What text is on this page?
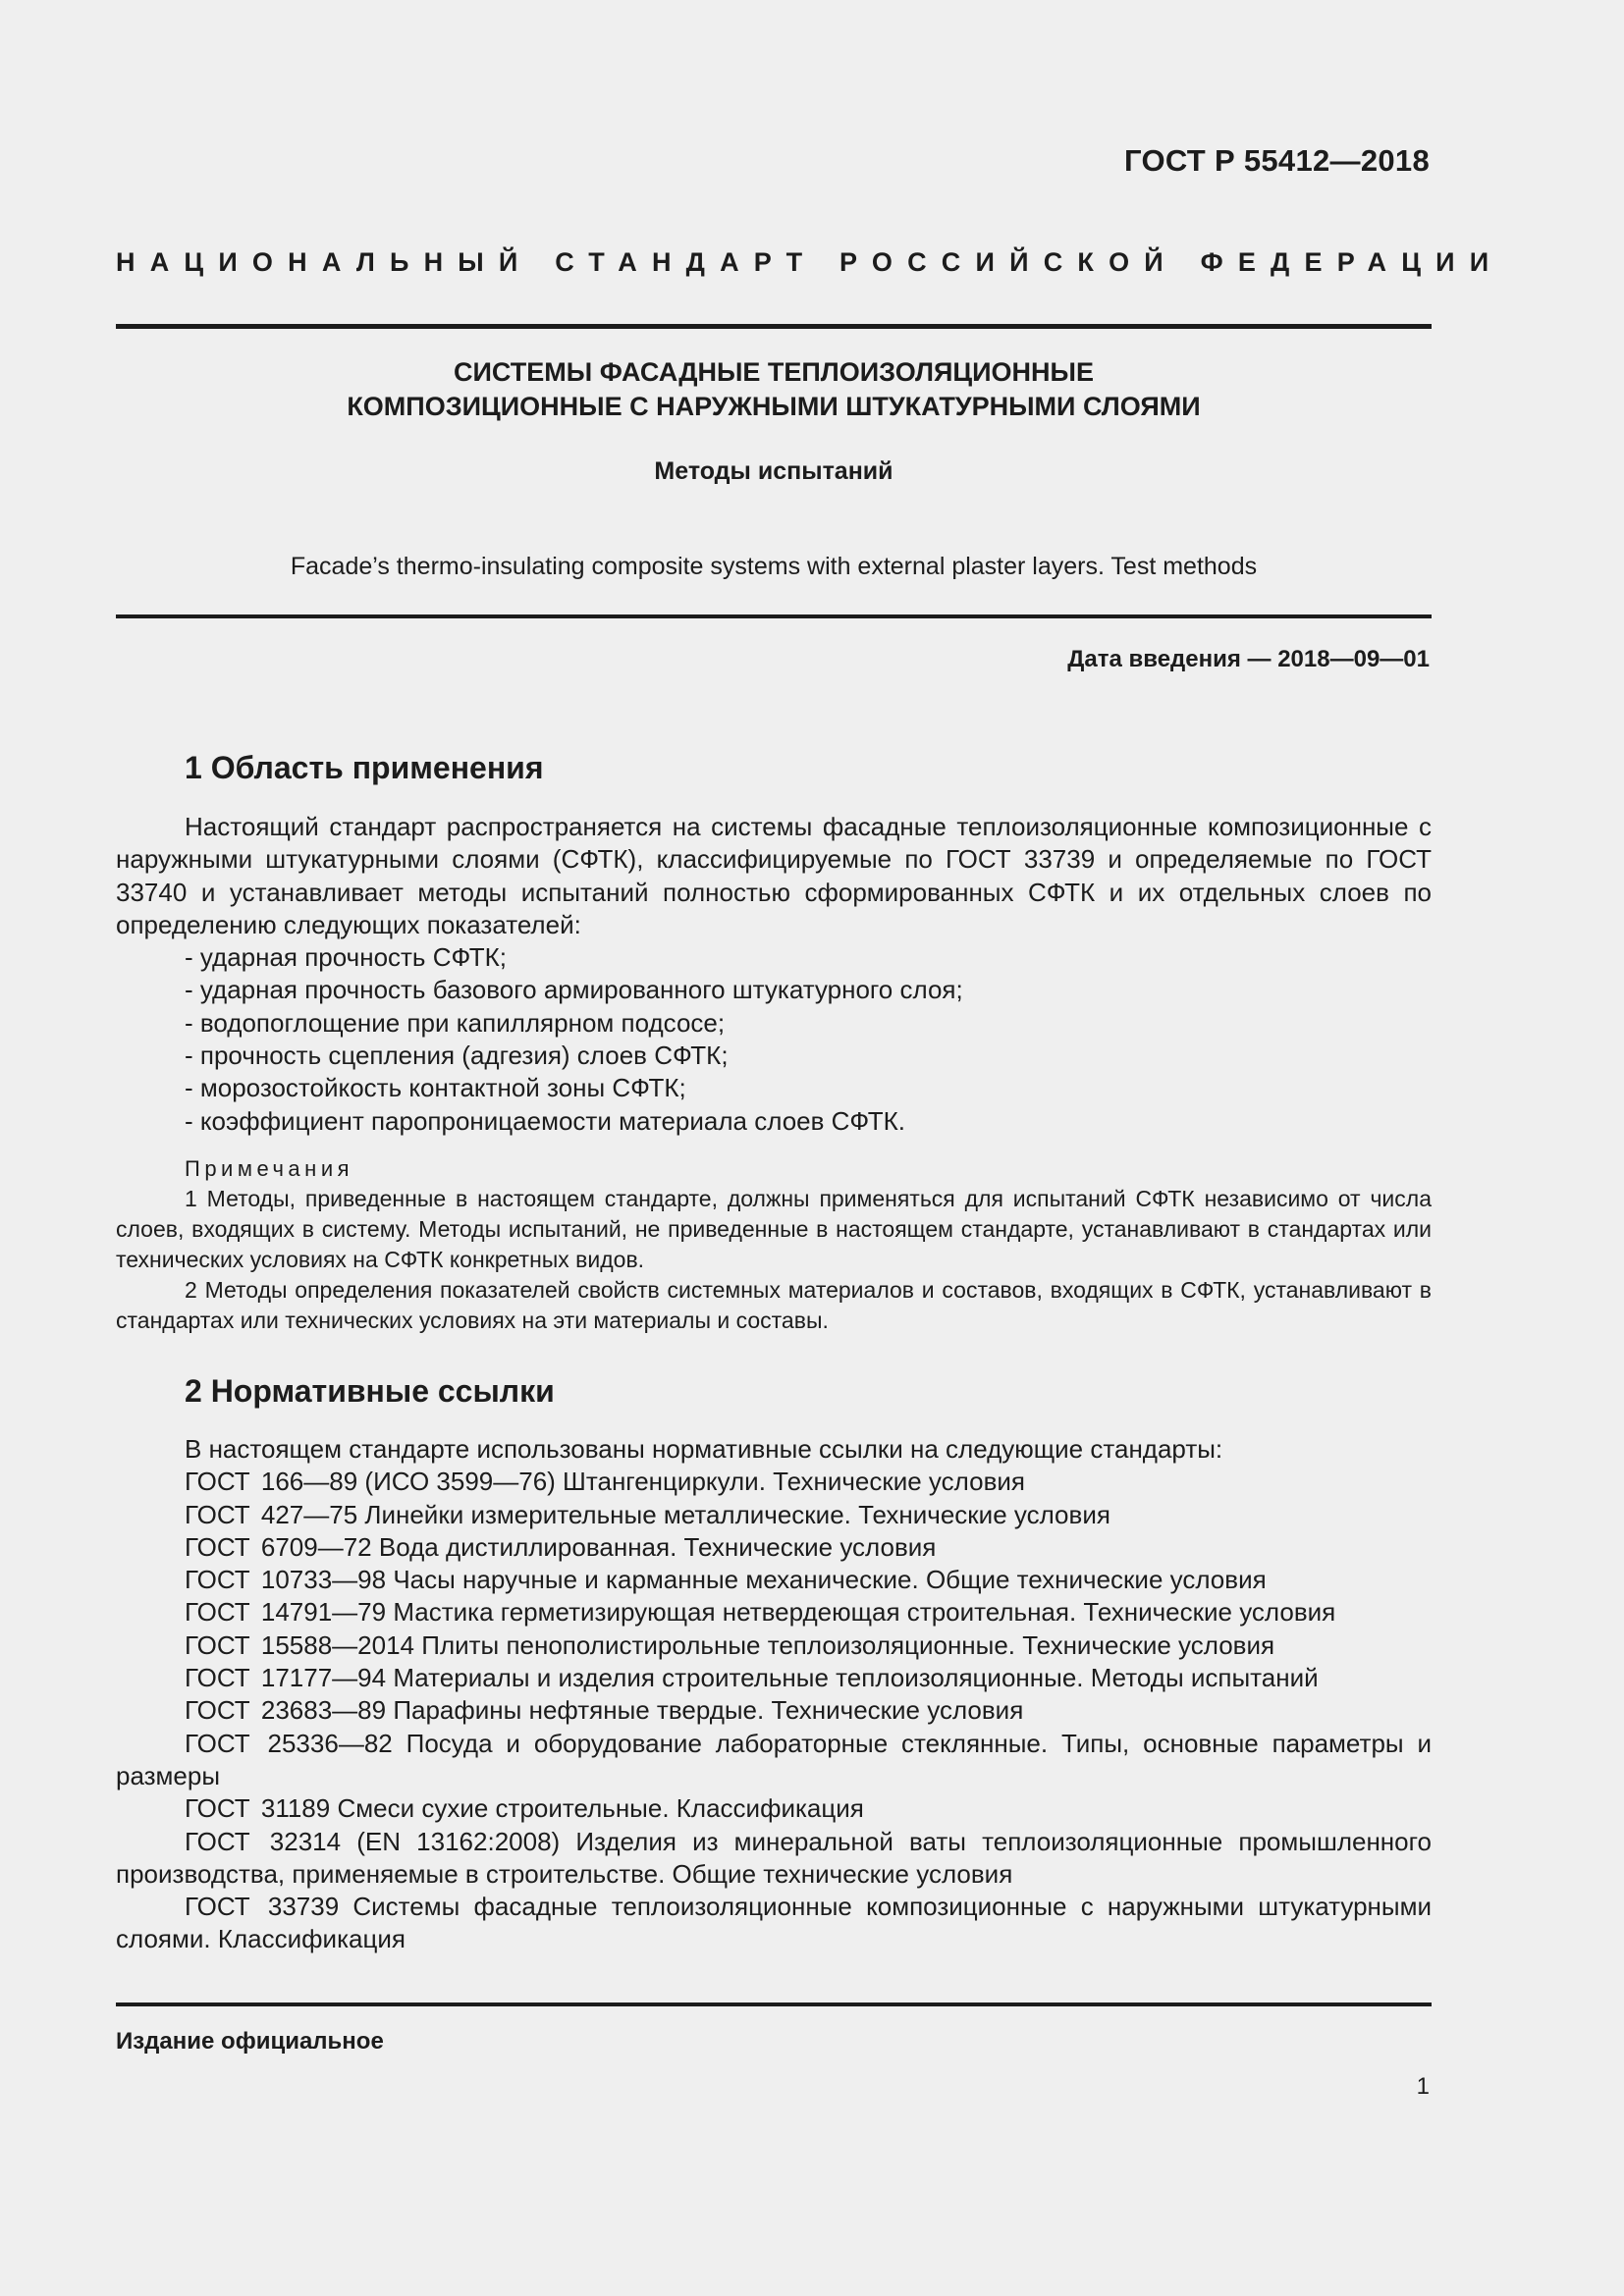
ГОСТ Р 55412—2018
НАЦИОНАЛЬНЫЙ СТАНДАРТ РОССИЙСКОЙ ФЕДЕРАЦИИ
СИСТЕМЫ ФАСАДНЫЕ ТЕПЛОИЗОЛЯЦИОННЫЕ
КОМПОЗИЦИОННЫЕ С НАРУЖНЫМИ ШТУКАТУРНЫМИ СЛОЯМИ
Методы испытаний
Facade’s thermo-insulating composite systems with external plaster layers. Test methods
Дата введения — 2018—09—01
1 Область применения

Настоящий стандарт распространяется на системы фасадные теплоизоляционные композиционные с наружными штукатурными слоями (СФТК), классифицируемые по ГОСТ 33739 и определяемые по ГОСТ 33740 и устанавливает методы испытаний полностью сформированных СФТК и их отдельных слоев по определению следующих показателей:

- ударная прочность СФТК;

- ударная прочность базового армированного штукатурного слоя;

- водопоглощение при капиллярном подсосе;

- прочность сцепления (адгезия) слоев СФТК;

- морозостойкость контактной зоны СФТК;

- коэффициент паропроницаемости материала слоев СФТК.

Примечания

1 Методы, приведенные в настоящем стандарте, должны применяться для испытаний СФТК независимо от числа слоев, входящих в систему. Методы испытаний, не приведенные в настоящем стандарте, устанавливают в стандартах или технических условиях на СФТК конкретных видов.

2 Методы определения показателей свойств системных материалов и составов, входящих в СФТК, устанавливают в стандартах или технических условиях на эти материалы и составы.

2 Нормативные ссылки

В настоящем стандарте использованы нормативные ссылки на следующие стандарты:

ГОСТ 166—89 (ИСО 3599—76) Штангенциркули. Технические условия

ГОСТ 427—75 Линейки измерительные металлические. Технические условия

ГОСТ 6709—72 Вода дистиллированная. Технические условия

ГОСТ 10733—98 Часы наручные и карманные механические. Общие технические условия

ГОСТ 14791—79 Мастика герметизирующая нетвердеющая строительная. Технические условия

ГОСТ 15588—2014 Плиты пенополистирольные теплоизоляционные. Технические условия

ГОСТ 17177—94 Материалы и изделия строительные теплоизоляционные. Методы испытаний

ГОСТ 23683—89 Парафины нефтяные твердые. Технические условия

ГОСТ 25336—82 Посуда и оборудование лабораторные стеклянные. Типы, основные параметры и размеры

ГОСТ 31189 Смеси сухие строительные. Классификация

ГОСТ 32314 (EN 13162:2008) Изделия из минеральной ваты теплоизоляционные промышленного производства, применяемые в строительстве. Общие технические условия

ГОСТ 33739 Системы фасадные теплоизоляционные композиционные с наружными штукатурными слоями. Классификация

Издание официальное
1
